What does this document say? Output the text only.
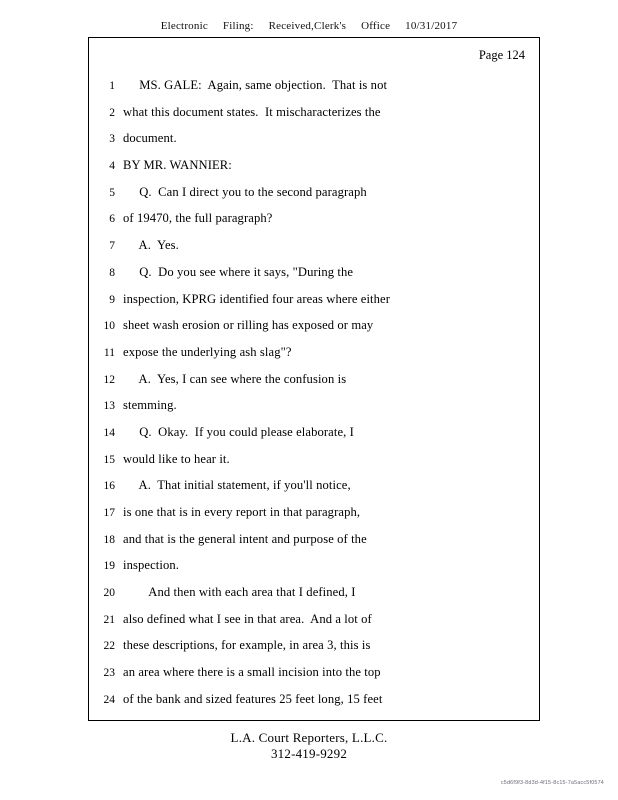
Electronic Filing: Received,Clerk's Office 10/31/2017
Page 124
1 MS. GALE:  Again, same objection.  That is not
2 what this document states.  It mischaracterizes the
3 document.
4 BY MR. WANNIER:
5 Q.  Can I direct you to the second paragraph
6 of 19470, the full paragraph?
7 A.  Yes.
8 Q.  Do you see where it says, "During the
9 inspection, KPRG identified four areas where either
10 sheet wash erosion or rilling has exposed or may
11 expose the underlying ash slag"?
12 A.  Yes, I can see where the confusion is
13 stemming.
14 Q.  Okay.  If you could please elaborate, I
15 would like to hear it.
16 A.  That initial statement, if you'll notice,
17 is one that is in every report in that paragraph,
18 and that is the general intent and purpose of the
19 inspection.
20 And then with each area that I defined, I
21 also defined what I see in that area.  And a lot of
22 these descriptions, for example, in area 3, this is
23 an area where there is a small incision into the top
24 of the bank and sized features 25 feet long, 15 feet
L.A. Court Reporters, L.L.C.
312-419-9292
c5d6f9f3-8d3d-4f15-8c15-7a5acc5f0574
